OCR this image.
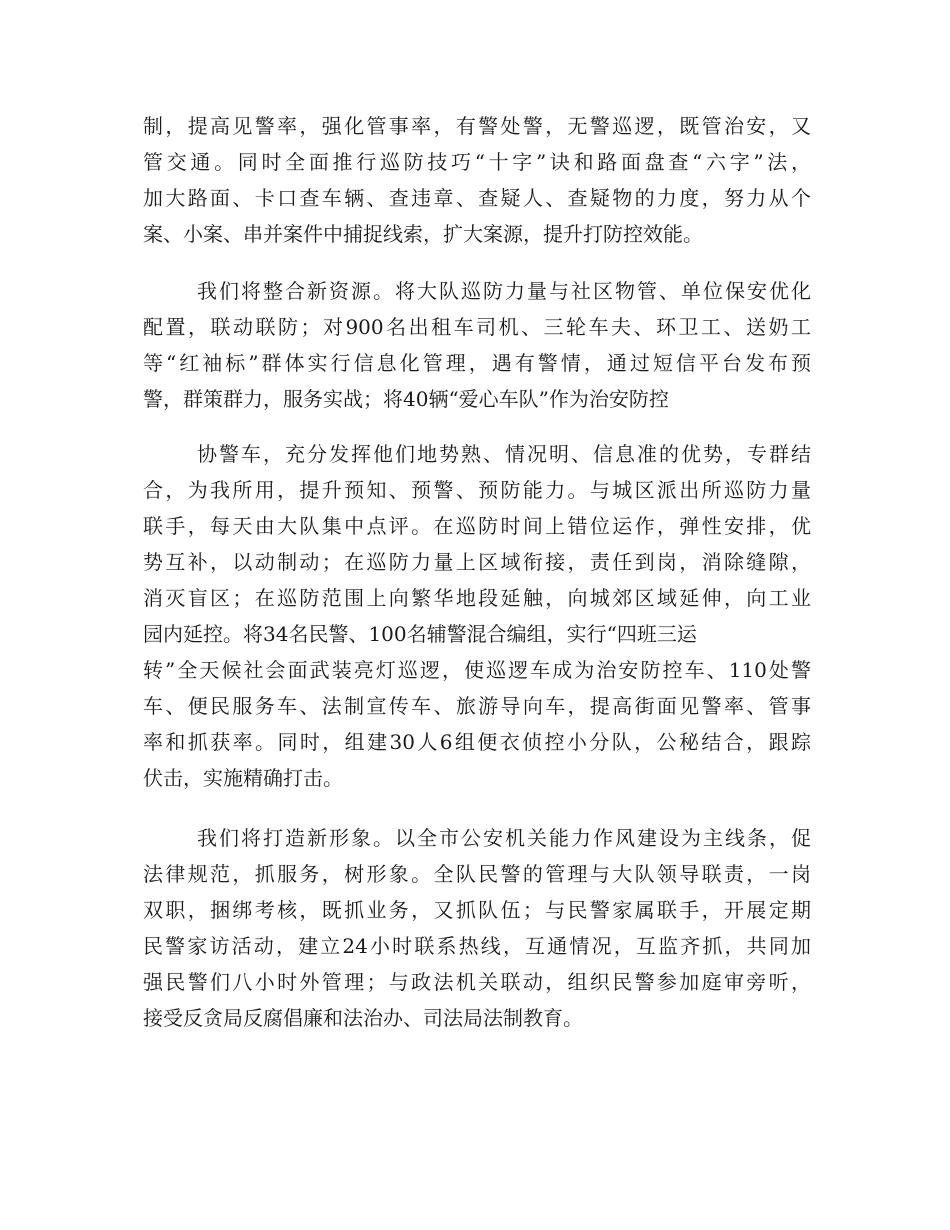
制，提高见警率，强化管事率，有警处警，无警巡逻，既管治安，又
管交通。同时全面推行巡防技巧“十字”诀和路面盘查“六字”法，
加大路面、卡口查车辆、查违章、查疑人、查疑物的力度，努力从个
案、小案、串并案件中捕捉线索，扩大案源，提升打防控效能。
我们将整合新资源。将大队巡防力量与社区物管、单位保安优化
配置，联动联防；对900名出租车司机、三轮车夫、环卫工、送奶工
等“红袖标”群体实行信息化管理，遇有警情，通过短信平台发布预
警，群策群力，服务实战；将40辆“爱心车队”作为治安防控
协警车，充分发挥他们地势熟、情况明、信息准的优势，专群结
合，为我所用，提升预知、预警、预防能力。与城区派出所巡防力量
联手，每天由大队集中点评。在巡防时间上错位运作，弹性安排，优
势互补，以动制动；在巡防力量上区域衔接，责任到岗，消除缝隙，
消灭盲区；在巡防范围上向繁华地段延触，向城郊区域延伸，向工业
园内延控。将34名民警、100名辅警混合编组，实行“四班三运
转”全天候社会面武装亮灯巡逻，使巡逻车成为治安防控车、110处警
车、便民服务车、法制宣传车、旅游导向车，提高街面见警率、管事
率和抓获率。同时，组建30人6组便衣侦控小分队，公秘结合，跟踪
伏击，实施精确打击。
我们将打造新形象。以全市公安机关能力作风建设为主线条，促
法律规范，抓服务，树形象。全队民警的管理与大队领导联责，一岗
双职，捆绑考核，既抓业务，又抓队伍；与民警家属联手，开展定期
民警家访活动，建立24小时联系热线，互通情况，互监齐抓，共同加
强民警们八小时外管理；与政法机关联动，组织民警参加庭审旁听，
接受反贪局反腐倡廉和法治办、司法局法制教育。
